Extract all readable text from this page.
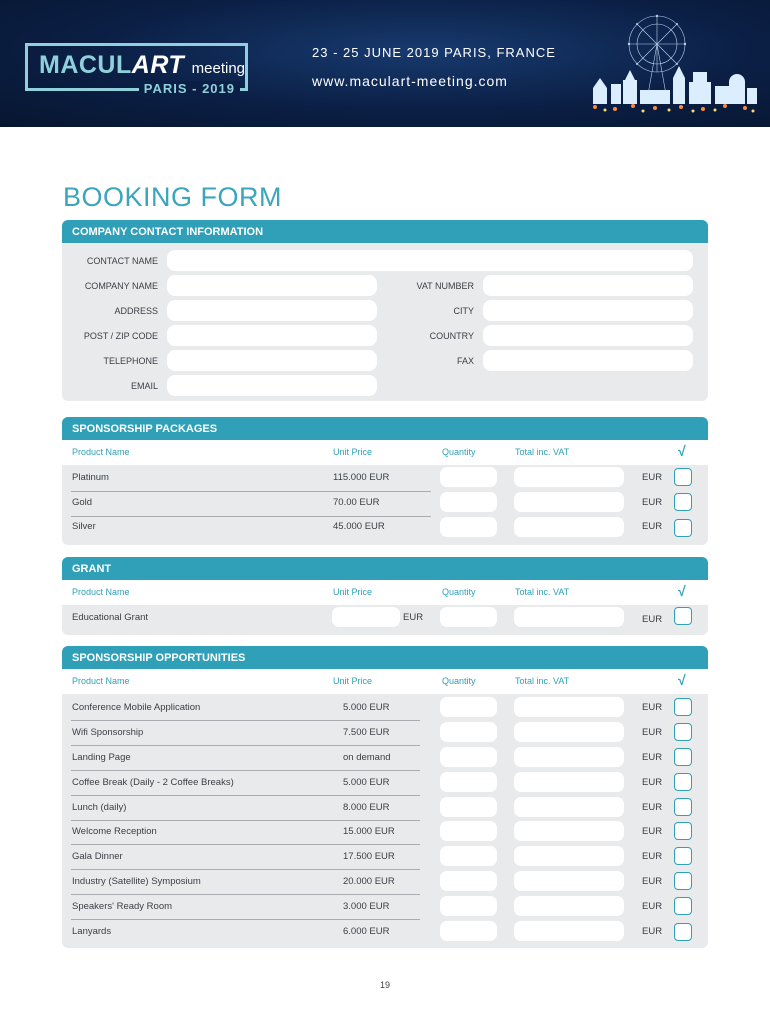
MACULART meeting
PARIS - 2019
23 - 25 JUNE 2019 PARIS, FRANCE
www.maculart-meeting.com
BOOKING FORM
COMPANY CONTACT INFORMATION
CONTACT NAME
COMPANY NAME	VAT NUMBER
ADDRESS	CITY
POST / ZIP CODE	COUNTRY
TELEPHONE	FAX
EMAIL
SPONSORSHIP PACKAGES
Product Name	Unit Price	Quantity	Total inc. VAT	√
Platinum	115.000 EUR	EUR
Gold	70.00 EUR	EUR
Silver	45.000 EUR	EUR
GRANT
Product Name	Unit Price	Quantity	Total inc. VAT	√
Educational Grant	EUR	EUR
SPONSORSHIP OPPORTUNITIES
Product Name	Unit Price	Quantity	Total inc. VAT	√
Conference Mobile Application	5.000 EUR	EUR
Wifi Sponsorship	7.500 EUR	EUR
Landing Page	on demand	EUR
Coffee Break (Daily - 2 Coffee Breaks)	5.000 EUR	EUR
Lunch (daily)	8.000 EUR	EUR
Welcome Reception	15.000 EUR	EUR
Gala Dinner	17.500 EUR	EUR
Industry (Satellite) Symposium	20.000 EUR	EUR
Speakers' Ready Room	3.000 EUR	EUR
Lanyards	6.000 EUR	EUR
19
